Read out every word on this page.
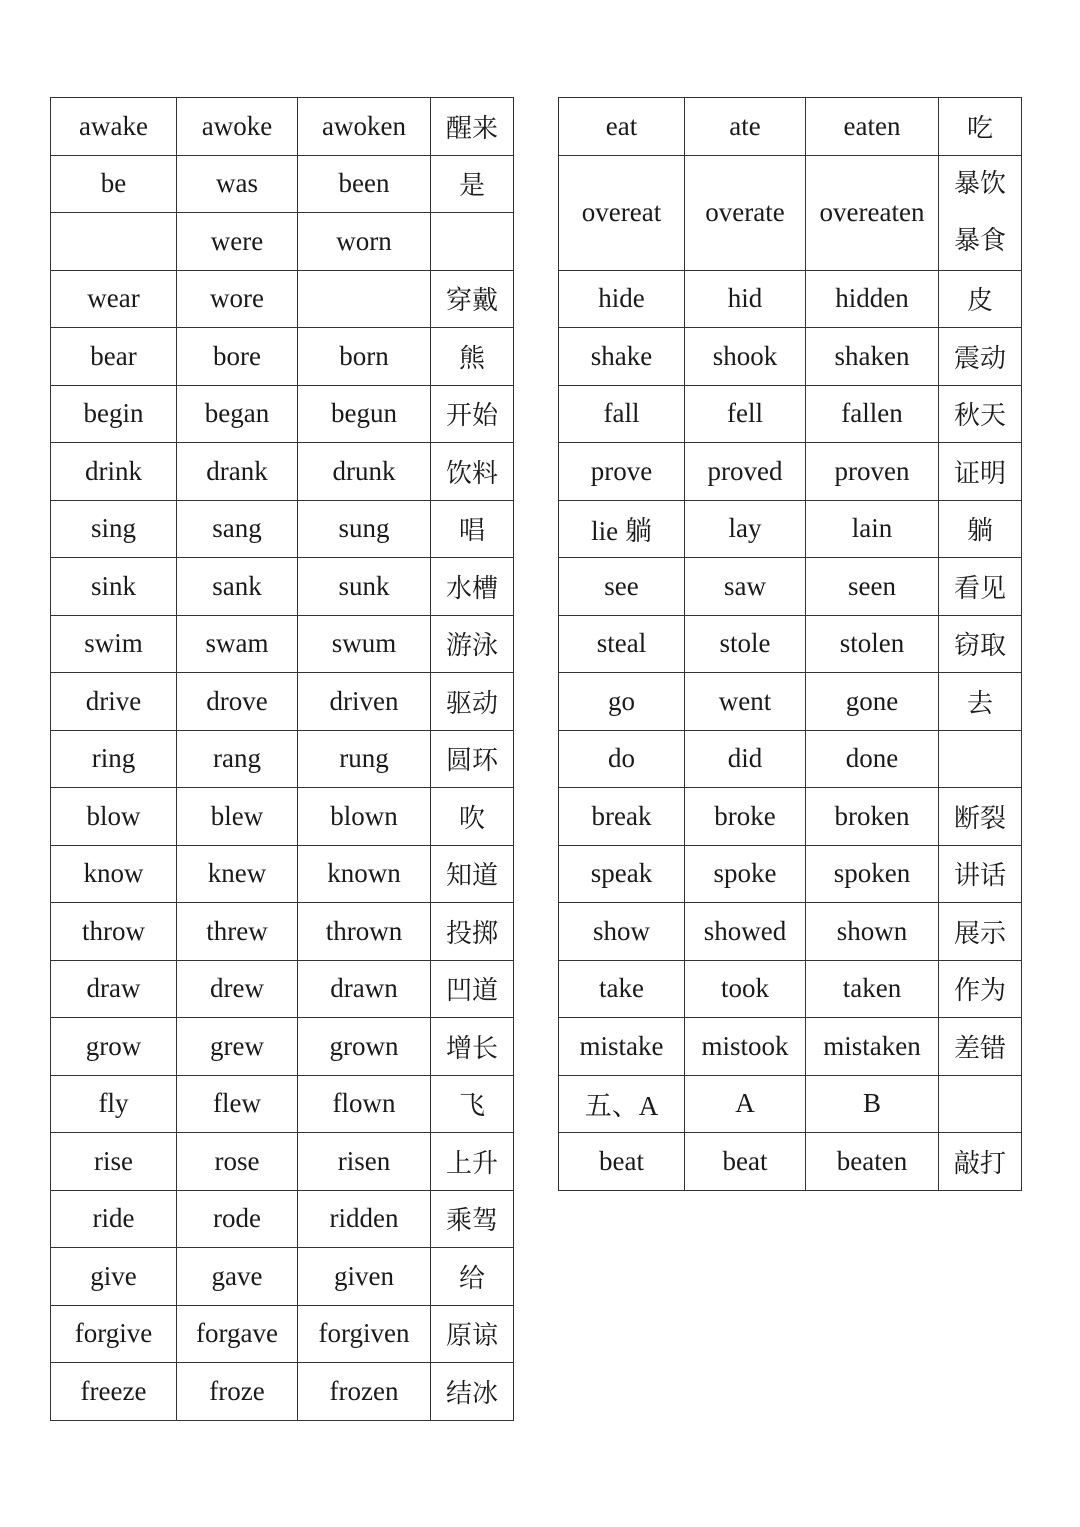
awake	awoke	awoken	醒来
be	was	been	是
	were	worn	
wear	wore		穿戴
bear	bore	born	熊
begin	began	begun	开始
drink	drank	drunk	饮料
sing	sang	sung	唱
sink	sank	sunk	水槽
swim	swam	swum	游泳
drive	drove	driven	驱动
ring	rang	rung	圆环
blow	blew	blown	吹
know	knew	known	知道
throw	threw	thrown	投掷
draw	drew	drawn	凹道
grow	grew	grown	增长
fly	flew	flown	飞
rise	rose	risen	上升
ride	rode	ridden	乘驾
give	gave	given	给
forgive	forgave	forgiven	原谅
freeze	froze	frozen	结冰
eat	ate	eaten	吃
overeat	overate	overeaten	暴饮
暴食

hide	hid	hidden	皮
shake	shook	shaken	震动
fall	fell	fallen	秋天
prove	proved	proven	证明
lie 躺	lay	lain	躺
see	saw	seen	看见
steal	stole	stolen	窃取
go	went	gone	去
do	did	done	
break	broke	broken	断裂
speak	spoke	spoken	讲话
show	showed	shown	展示
take	took	taken	作为
mistake	mistook	mistaken	差错
五、A	A	B	
beat	beat	beaten	敲打
